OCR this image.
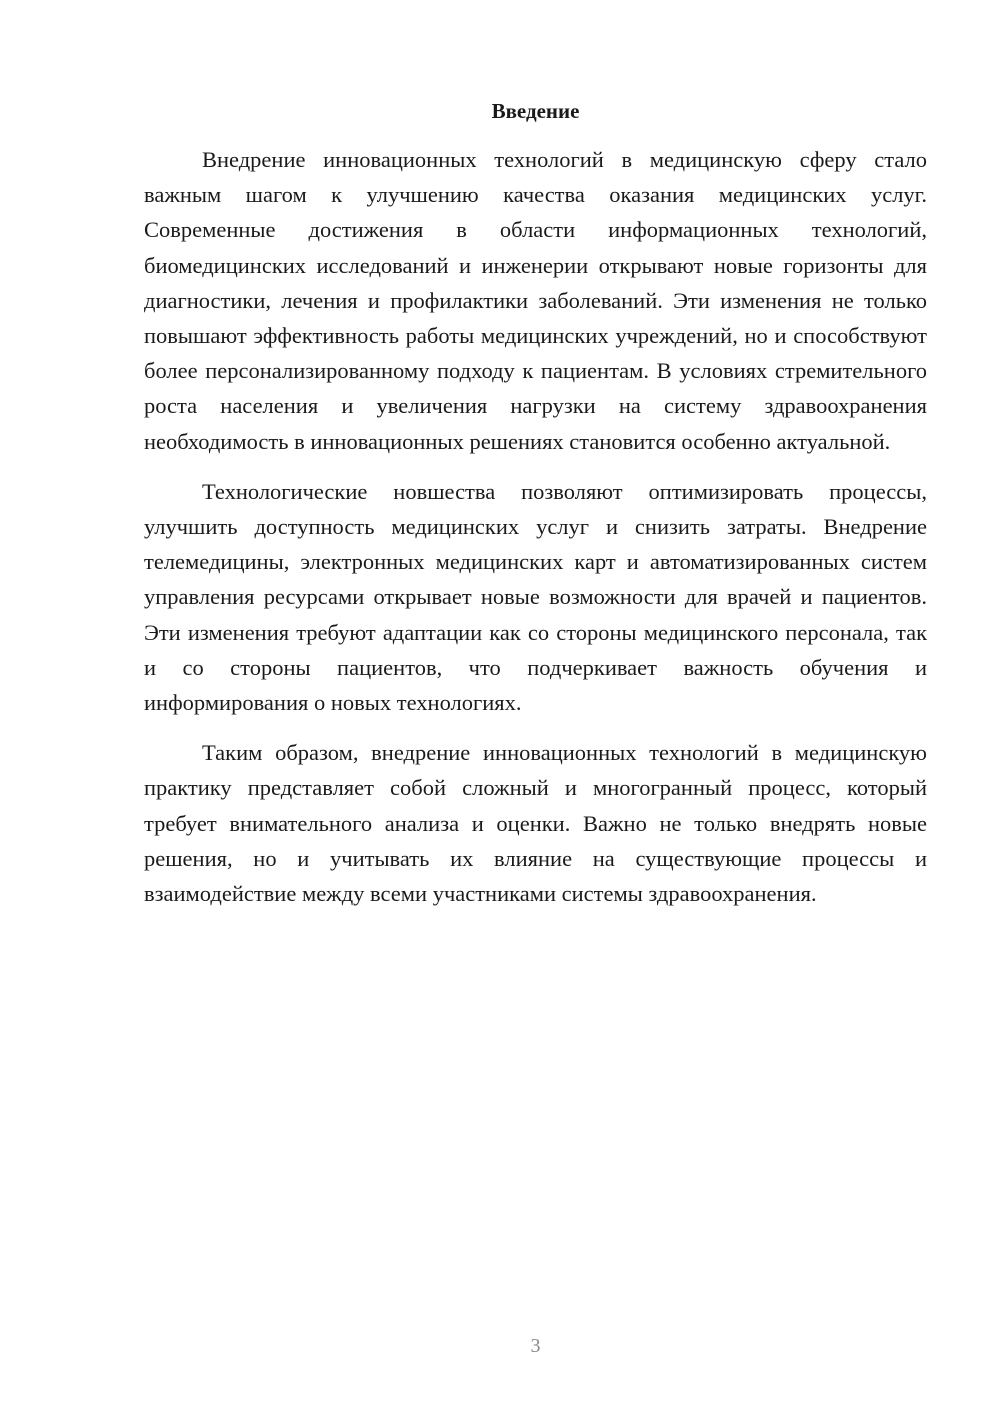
Введение

Внедрение инновационных технологий в медицинскую сферу стало важным шагом к улучшению качества оказания медицинских услуг. Современные достижения в области информационных технологий, биомедицинских исследований и инженерии открывают новые горизонты для диагностики, лечения и профилактики заболеваний. Эти изменения не только повышают эффективность работы медицинских учреждений, но и способствуют более персонализированному подходу к пациентам. В условиях стремительного роста населения и увеличения нагрузки на систему здравоохранения необходимость в инновационных решениях становится особенно актуальной.

Технологические новшества позволяют оптимизировать процессы, улучшить доступность медицинских услуг и снизить затраты. Внедрение телемедицины, электронных медицинских карт и автоматизированных систем управления ресурсами открывает новые возможности для врачей и пациентов. Эти изменения требуют адаптации как со стороны медицинского персонала, так и со стороны пациентов, что подчеркивает важность обучения и информирования о новых технологиях.

Таким образом, внедрение инновационных технологий в медицинскую практику представляет собой сложный и многогранный процесс, который требует внимательного анализа и оценки. Важно не только внедрять новые решения, но и учитывать их влияние на существующие процессы и взаимодействие между всеми участниками системы здравоохранения.

3
